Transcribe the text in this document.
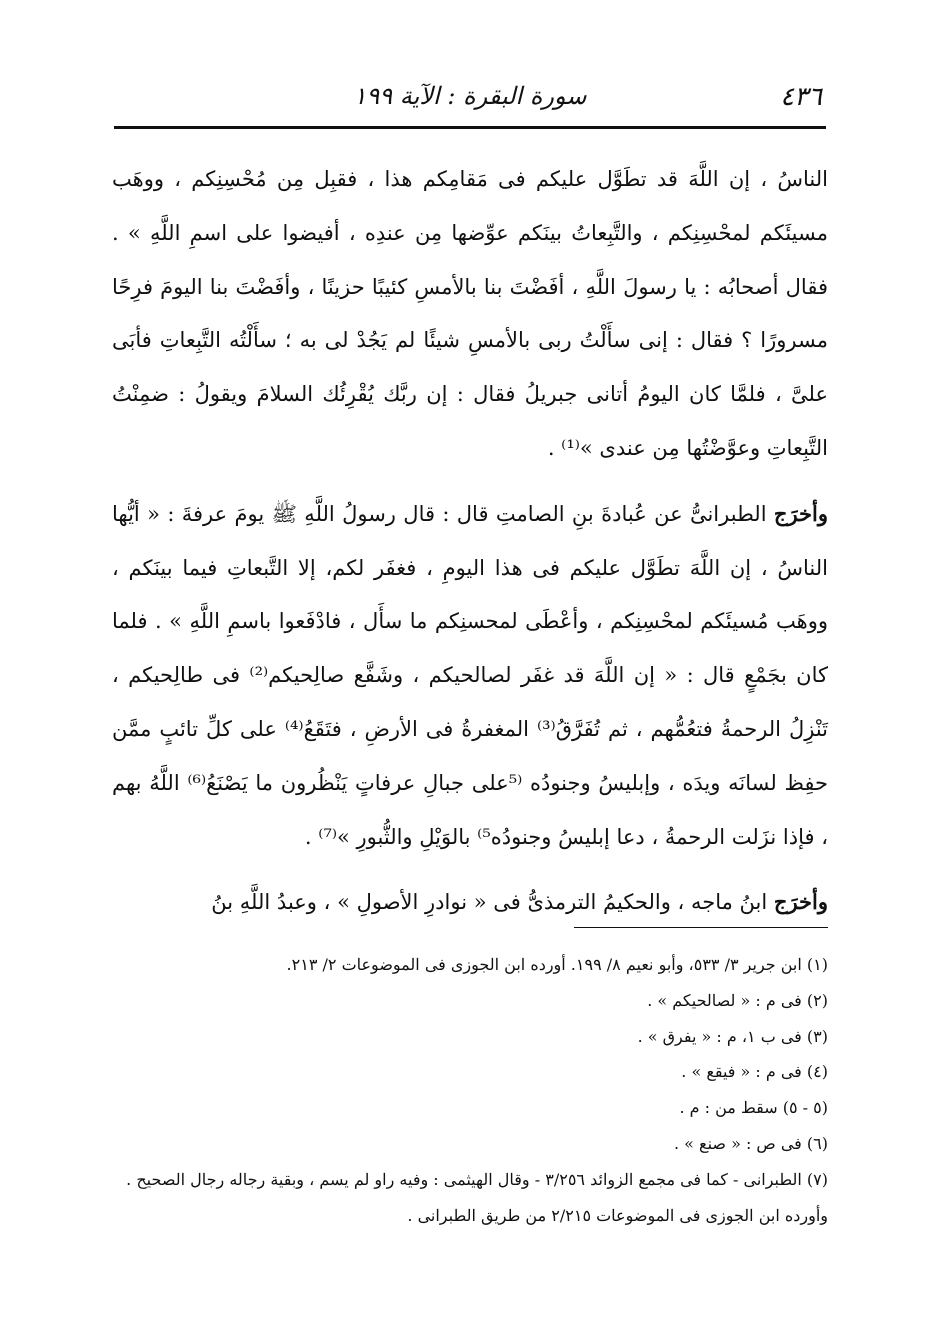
٤٣٦
سورة البقرة : الآية ١٩٩

الناسُ ، إن اللَّهَ قد تطَوَّل عليكم فى مَقامِكم هذا ، فقبِل مِن مُحْسِنِكم ، ووهَب مسيئَكم لمحْسِنِكم ، والتَّبِعاتُ بينَكم عوِّضها مِن عندِه ، أفيضوا على اسمِ اللَّهِ » . فقال أصحابُه : يا رسولَ اللَّهِ ، أفَضْتَ بنا بالأمسِ كئيبًا حزينًا ، وأفَضْتَ بنا اليومَ فرِحًا مسرورًا ؟ فقال : إنى سأَلْتُ ربى بالأمسِ شيئًا لم يَجُدْ لى به ؛ سأَلْتُه التَّبِعاتِ فأبَى علىَّ ، فلمَّا كان اليومُ أتانى جبريلُ فقال : إن ربَّك يُقْرِئُك السلامَ ويقولُ : ضمِنْتُ التَّبِعاتِ وعوَّضْتُها مِن عندى »⁽¹⁾ .

وأخرَج الطبرانىُّ عن عُبادةَ بنِ الصامتِ قال : قال رسولُ اللَّهِ ﷺ يومَ عرفةَ : « أيُّها الناسُ ، إن اللَّهَ تطَوَّل عليكم فى هذا اليومِ ، فغفَر لكم، إلا التَّبعاتِ فيما بينَكم ، ووهَب مُسيئَكم لمحْسِنِكم ، وأعْطَى لمحسنِكم ما سأَل ، فادْفَعوا باسمِ اللَّهِ » . فلما كان بجَمْعٍ قال : « إن اللَّهَ قد غفَر لصالحيكم ، وشَفَّع صالِحيكم⁽²⁾ فى طالِحيكم ، تَنْزِلُ الرحمةُ فتعُمُّهم ، ثم تُفَرَّقُ⁽³⁾ المغفرةُ فى الأرضِ ، فتَقَعُ⁽⁴⁾ على كلِّ تائبٍ ممَّن حفِظ لسانَه ويدَه ، وإبليسُ وجنودُه ⁽⁵على جبالِ عرفاتٍ يَنْظُرون ما يَصْنَعُ⁽⁶⁾ اللَّهُ بهم ، فإذا نزَلت الرحمةُ ، دعا إبليسُ وجنودُه⁵⁾ بالوَيْلِ والثُّبورِ »⁽⁷⁾ .

وأخرَج ابنُ ماجه ، والحكيمُ الترمذىُّ فى « نوادرِ الأصولِ » ، وعبدُ اللَّهِ بنُ

(١) ابن جرير ٣/ ٥٣٣، وأبو نعيم ٨/ ١٩٩. أورده ابن الجوزى فى الموضوعات ٢/ ٢١٣.

(٢) فى م : « لصالحيكم » .

(٣) فى ب ١، م : « يفرق » .

(٤) فى م : « فيقع » .

(٥ - ٥) سقط من : م .

(٦) فى ص : « صنع » .

(٧) الطبرانى - كما فى مجمع الزوائد ٣/٢٥٦ - وقال الهيثمى : وفيه راو لم يسم ، وبقية رجاله رجال الصحيح . وأورده ابن الجوزى فى الموضوعات ٢/٢١٥ من طريق الطبرانى .
